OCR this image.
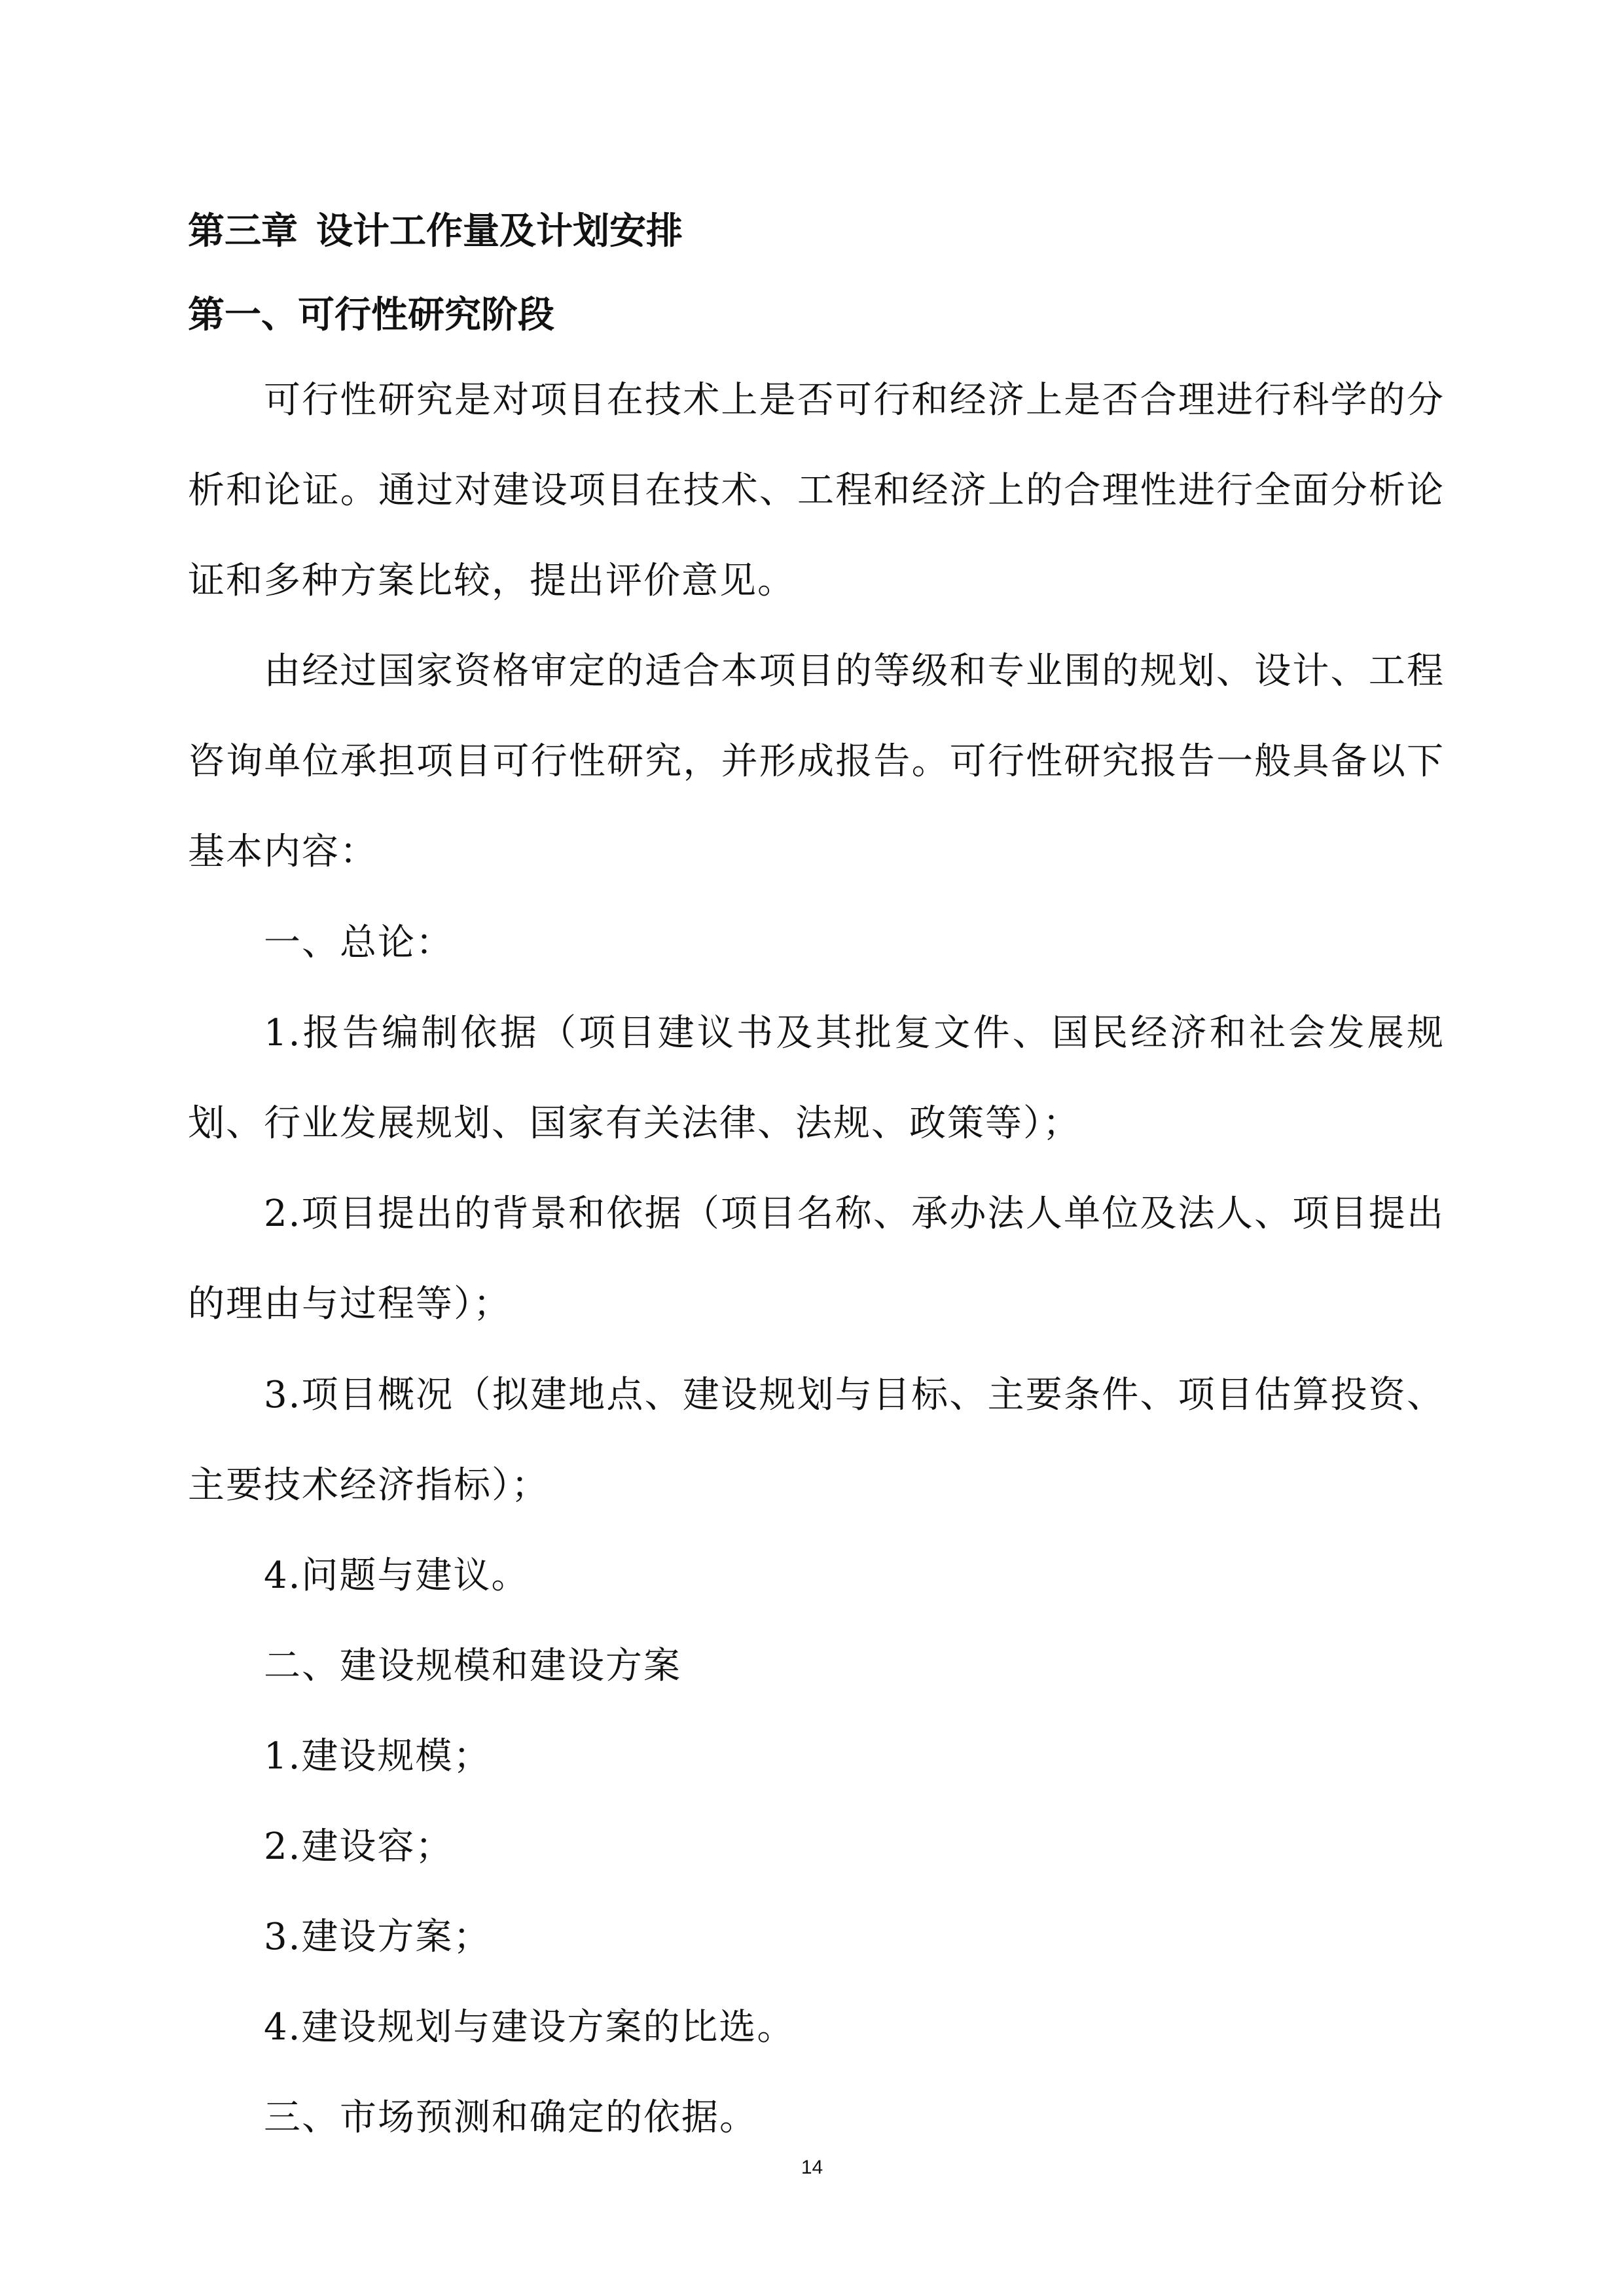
第三章 设计工作量及计划安排
第一、可行性研究阶段

可行性研究是对项目在技术上是否可行和经济上是否合理进行科学的分析和论证。通过对建设项目在技术、工程和经济上的合理性进行全面分析论证和多种方案比较，提出评价意见。

由经过国家资格审定的适合本项目的等级和专业围的规划、设计、工程咨询单位承担项目可行性研究，并形成报告。可行性研究报告一般具备以下基本内容：

一、总论：

1.报告编制依据（项目建议书及其批复文件、国民经济和社会发展规划、行业发展规划、国家有关法律、法规、政策等）；

2.项目提出的背景和依据（项目名称、承办法人单位及法人、项目提出的理由与过程等）；

3.项目概况（拟建地点、建设规划与目标、主要条件、项目估算投资、主要技术经济指标）；

4.问题与建议。

二、建设规模和建设方案

1.建设规模；

2.建设容；

3.建设方案；

4.建设规划与建设方案的比选。

三、市场预测和确定的依据。

14
